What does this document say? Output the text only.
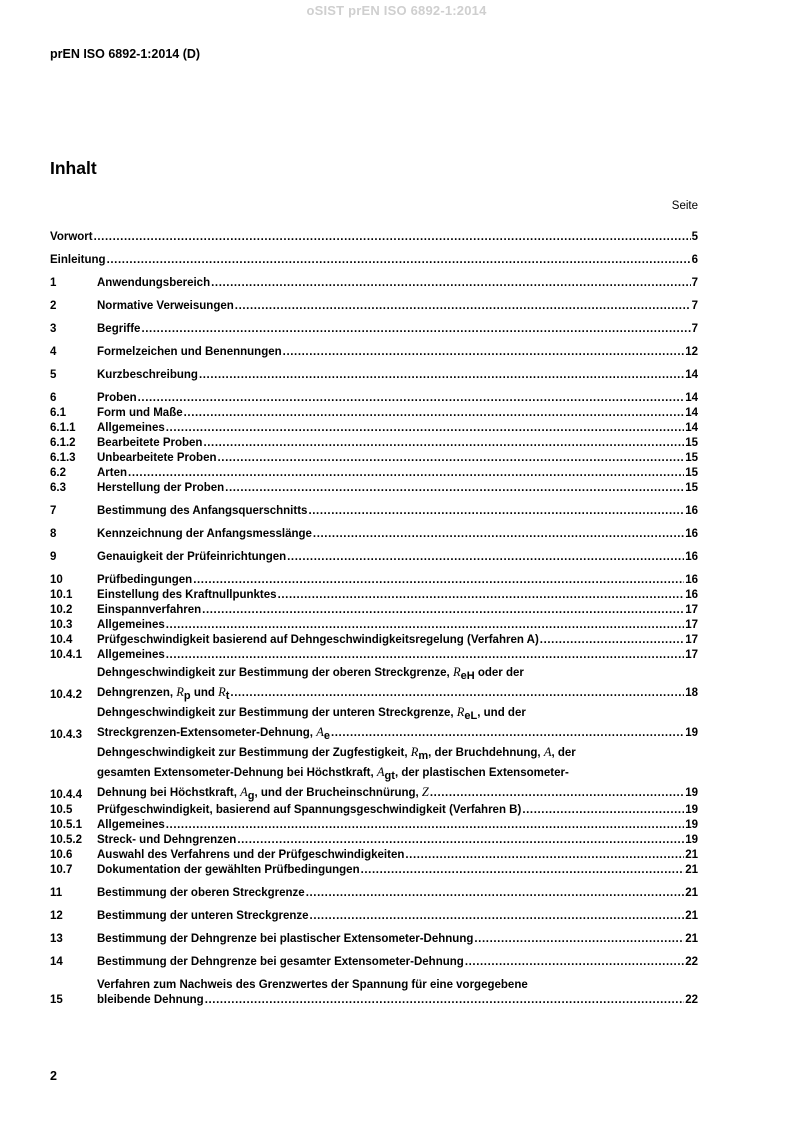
oSIST prEN ISO 6892-1:2014
prEN ISO 6892-1:2014 (D)
Inhalt
Seite
Vorwort .....	5
Einleitung .....	6
1	Anwendungsbereich .....	7
2	Normative Verweisungen .....	7
3	Begriffe .....	7
4	Formelzeichen und Benennungen .....	12
5	Kurzbeschreibung .....	14
6	Proben .....	14
6.1	Form und Maße .....	14
6.1.1	Allgemeines .....	14
6.1.2	Bearbeitete Proben .....	15
6.1.3	Unbearbeitete Proben .....	15
6.2	Arten .....	15
6.3	Herstellung der Proben .....	15
7	Bestimmung des Anfangsquerschnitts .....	16
8	Kennzeichnung der Anfangsmesslänge .....	16
9	Genauigkeit der Prüfeinrichtungen .....	16
10	Prüfbedingungen .....	16
10.1	Einstellung des Kraftnullpunktes .....	16
10.2	Einspannverfahren .....	17
10.3	Allgemeines .....	17
10.4	Prüfgeschwindigkeit basierend auf Dehngeschwindigkeitsregelung (Verfahren A) .....	17
10.4.1	Allgemeines .....	17
10.4.2
Dehngeschwindigkeit zur Bestimmung der oberen Streckgrenze, ReH oder der
Dehngrenzen, Rp und Rt .....	18
10.4.3
Dehngeschwindigkeit zur Bestimmung der unteren Streckgrenze, ReL, und der
Streckgrenzen-Extensometer-Dehnung, Ae .....	19
10.4.4
Dehngeschwindigkeit zur Bestimmung der Zugfestigkeit, Rm, der Bruchdehnung, A, der
gesamten Extensometer-Dehnung bei Höchstkraft, Agt, der plastischen Extensometer-
Dehnung bei Höchstkraft, Ag, und der Brucheinschnürung, Z .....	19
10.5	Prüfgeschwindigkeit, basierend auf Spannungsgeschwindigkeit (Verfahren B) .....	19
10.5.1	Allgemeines .....	19
10.5.2	Streck- und Dehngrenzen .....	19
10.6	Auswahl des Verfahrens und der Prüfgeschwindigkeiten .....	21
10.7	Dokumentation der gewählten Prüfbedingungen .....	21
11	Bestimmung der oberen Streckgrenze .....	21
12	Bestimmung der unteren Streckgrenze .....	21
13	Bestimmung der Dehngrenze bei plastischer Extensometer-Dehnung .....	21
14	Bestimmung der Dehngrenze bei gesamter Extensometer-Dehnung .....	22
15
Verfahren zum Nachweis des Grenzwertes der Spannung für eine vorgegebene
bleibende Dehnung .....	22
2
